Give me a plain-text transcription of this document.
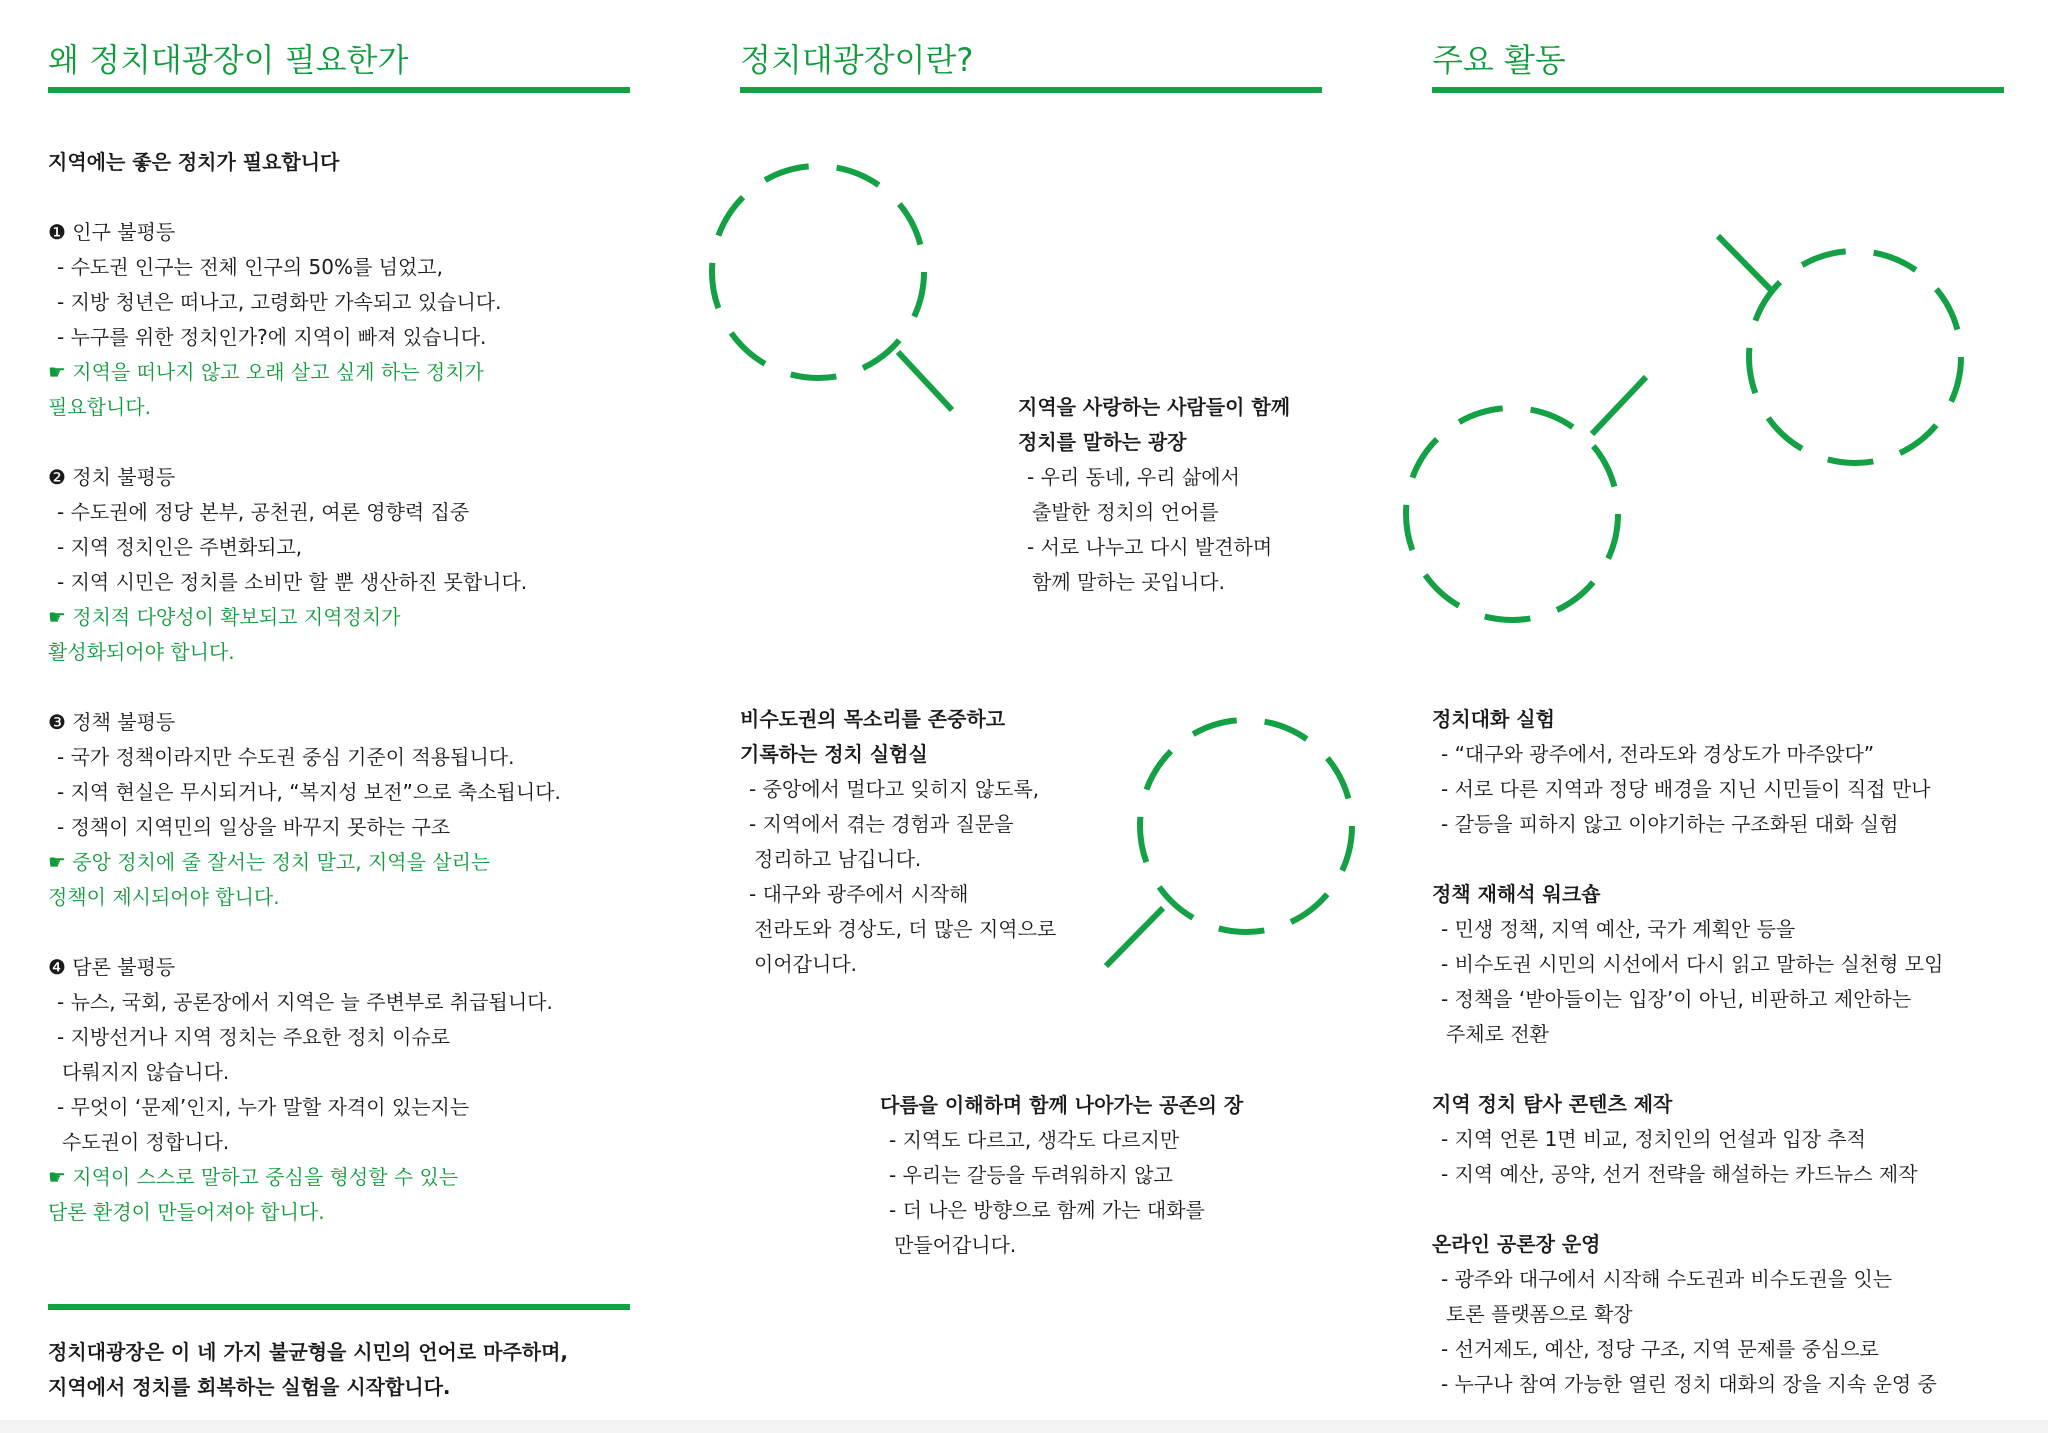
왜 정치대광장이 필요한가
지역에는 좋은 정치가 필요합니다
❶ 인구 불평등
- 수도권 인구는 전체 인구의 50%를 넘었고,
- 지방 청년은 떠나고, 고령화만 가속되고 있습니다.
- 누구를 위한 정치인가?에 지역이 빠져 있습니다.
☛ 지역을 떠나지 않고 오래 살고 싶게 하는 정치가
필요합니다.
❷ 정치 불평등
- 수도권에 정당 본부, 공천권, 여론 영향력 집중
- 지역 정치인은 주변화되고,
- 지역 시민은 정치를 소비만 할 뿐 생산하진 못합니다.
☛ 정치적 다양성이 확보되고 지역정치가
활성화되어야 합니다.
❸ 정책 불평등
- 국가 정책이라지만 수도권 중심 기준이 적용됩니다.
- 지역 현실은 무시되거나, “복지성 보전”으로 축소됩니다.
- 정책이 지역민의 일상을 바꾸지 못하는 구조
☛ 중앙 정치에 줄 잘서는 정치 말고, 지역을 살리는
정책이 제시되어야 합니다.
❹ 담론 불평등
- 뉴스, 국회, 공론장에서 지역은 늘 주변부로 취급됩니다.
- 지방선거나 지역 정치는 주요한 정치 이슈로
다뤄지지 않습니다.
- 무엇이 ‘문제’인지, 누가 말할 자격이 있는지는
수도권이 정합니다.
☛ 지역이 스스로 말하고 중심을 형성할 수 있는
담론 환경이 만들어져야 합니다.
정치대광장은 이 네 가지 불균형을 시민의 언어로 마주하며,
지역에서 정치를 회복하는 실험을 시작합니다.
정치대광장이란?
지역을 사랑하는 사람들이 함께
정치를 말하는 광장
- 우리 동네, 우리 삶에서
출발한 정치의 언어를
- 서로 나누고 다시 발견하며
함께 말하는 곳입니다.
비수도권의 목소리를 존중하고
기록하는 정치 실험실
- 중앙에서 멀다고 잊히지 않도록,
- 지역에서 겪는 경험과 질문을
정리하고 남깁니다.
- 대구와 광주에서 시작해
전라도와 경상도, 더 많은 지역으로
이어갑니다.
다름을 이해하며 함께 나아가는 공존의 장
- 지역도 다르고, 생각도 다르지만
- 우리는 갈등을 두려워하지 않고
- 더 나은 방향으로 함께 가는 대화를
만들어갑니다.
주요 활동
정치대화 실험
- “대구와 광주에서, 전라도와 경상도가 마주앉다”
- 서로 다른 지역과 정당 배경을 지닌 시민들이 직접 만나
- 갈등을 피하지 않고 이야기하는 구조화된 대화 실험
정책 재해석 워크숍
- 민생 정책, 지역 예산, 국가 계획안 등을
- 비수도권 시민의 시선에서 다시 읽고 말하는 실천형 모임
- 정책을 ‘받아들이는 입장’이 아닌, 비판하고 제안하는
주체로 전환
지역 정치 탐사 콘텐츠 제작
- 지역 언론 1면 비교, 정치인의 언설과 입장 추적
- 지역 예산, 공약, 선거 전략을 해설하는 카드뉴스 제작
온라인 공론장 운영
- 광주와 대구에서 시작해 수도권과 비수도권을 잇는
토론 플랫폼으로 확장
- 선거제도, 예산, 정당 구조, 지역 문제를 중심으로
- 누구나 참여 가능한 열린 정치 대화의 장을 지속 운영 중
